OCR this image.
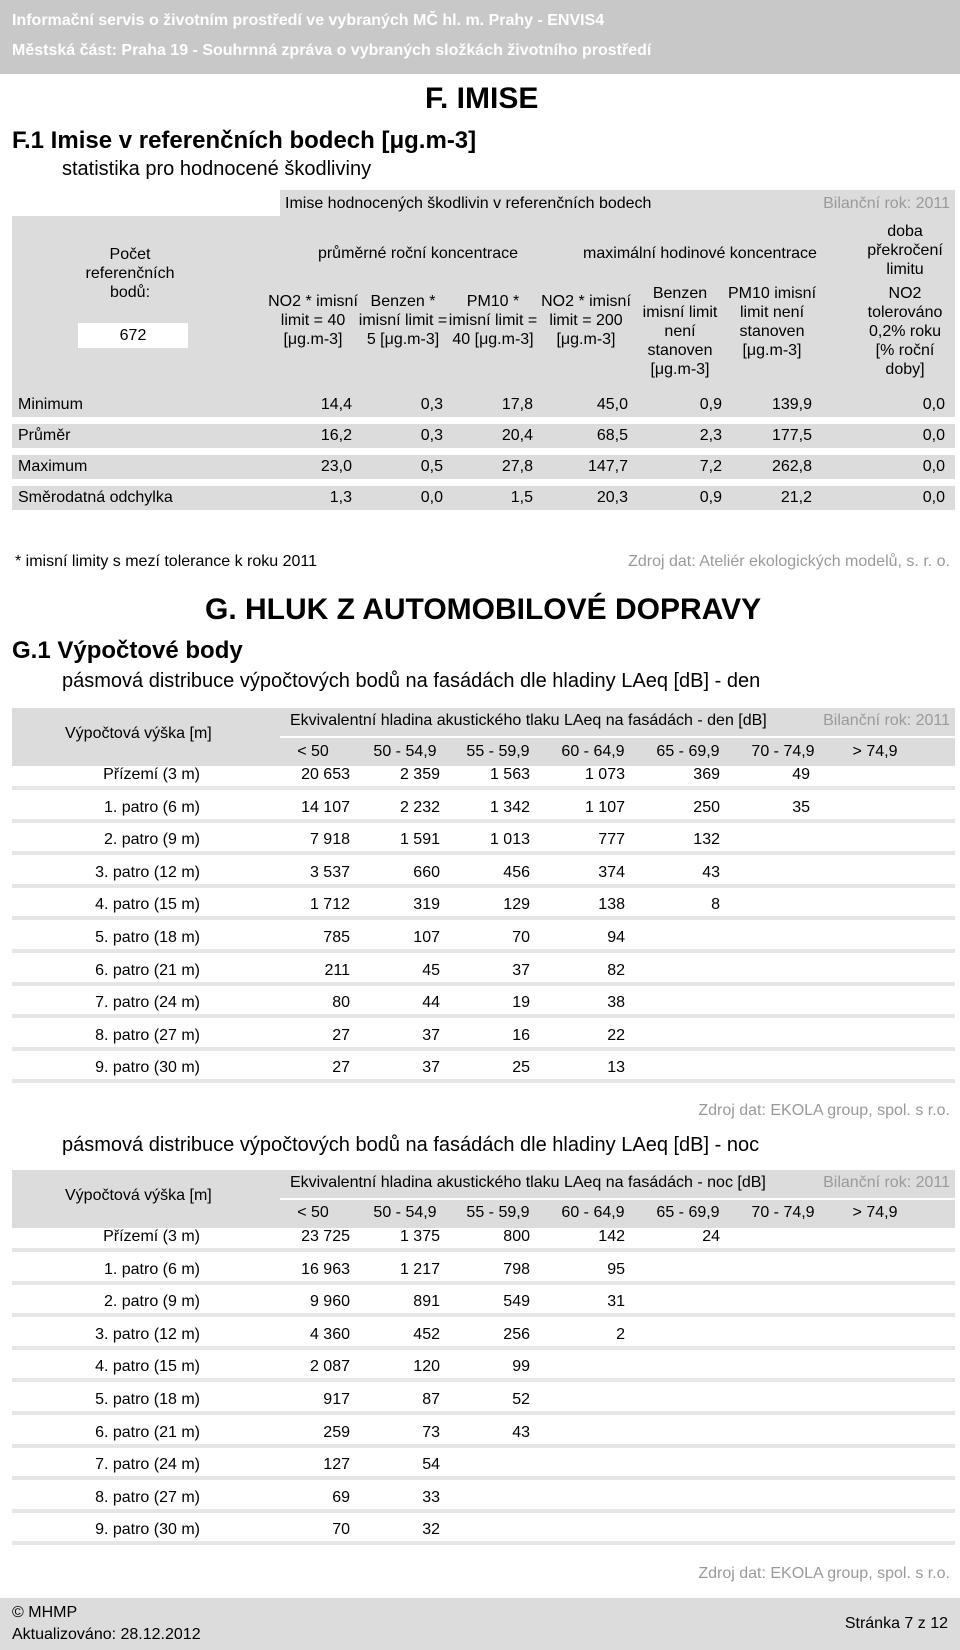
Informační servis o životním prostředí ve vybraných MČ hl. m. Prahy - ENVIS4
Městská část: Praha 19 - Souhrnná zpráva o vybraných složkách životního prostředí
F. IMISE
F.1 Imise v referenčních bodech [μg.m-3]
statistika pro hodnocené škodliviny
Imise hodnocených škodlivin v referenčních bodech	Bilanční rok: 2011
Počet referenčních bodů:
672
průměrné roční koncentrace	maximální hodinové koncentrace
doba překročení limitu
NO2 * imisní limit = 40 [μg.m-3]
Benzen * imisní limit = 5 [μg.m-3]
PM10 * imisní limit = 40 [μg.m-3]
NO2 * imisní limit = 200 [μg.m-3]
Benzen imisní limit není stanoven [μg.m-3]
PM10 imisní limit není stanoven [μg.m-3]
NO2 tolerováno 0,2% roku [% roční doby]
Minimum	14,4	0,3	17,8	45,0	0,9	139,9	0,0
Průměr	16,2	0,3	20,4	68,5	2,3	177,5	0,0
Maximum	23,0	0,5	27,8	147,7	7,2	262,8	0,0
Směrodatná odchylka	1,3	0,0	1,5	20,3	0,9	21,2	0,0
* imisní limity s mezí tolerance k roku 2011	Zdroj dat: Ateliér ekologických modelů, s. r. o.
G. HLUK Z AUTOMOBILOVÉ DOPRAVY
G.1 Výpočtové body
pásmová distribuce výpočtových bodů na fasádách dle hladiny LAeq [dB] - den
Výpočtová výška [m]
Ekvivalentní hladina akustického tlaku LAeq na fasádách - den [dB]	Bilanční rok: 2011
< 50	50 - 54,9	55 - 59,9	60 - 64,9	65 - 69,9	70 - 74,9	> 74,9
Přízemí (3 m)	20 653	2 359	1 563	1 073	369	49
1. patro (6 m)	14 107	2 232	1 342	1 107	250	35
2. patro (9 m)	7 918	1 591	1 013	777	132
3. patro (12 m)	3 537	660	456	374	43
4. patro (15 m)	1 712	319	129	138	8
5. patro (18 m)	785	107	70	94
6. patro (21 m)	211	45	37	82
7. patro (24 m)	80	44	19	38
8. patro (27 m)	27	37	16	22
9. patro (30 m)	27	37	25	13
Zdroj dat: EKOLA group, spol. s r.o.
pásmová distribuce výpočtových bodů na fasádách dle hladiny LAeq [dB] - noc
Výpočtová výška [m]
Ekvivalentní hladina akustického tlaku LAeq na fasádách - noc [dB]	Bilanční rok: 2011
< 50	50 - 54,9	55 - 59,9	60 - 64,9	65 - 69,9	70 - 74,9	> 74,9
Přízemí (3 m)	23 725	1 375	800	142	24
1. patro (6 m)	16 963	1 217	798	95
2. patro (9 m)	9 960	891	549	31
3. patro (12 m)	4 360	452	256	2
4. patro (15 m)	2 087	120	99
5. patro (18 m)	917	87	52
6. patro (21 m)	259	73	43
7. patro (24 m)	127	54
8. patro (27 m)	69	33
9. patro (30 m)	70	32
Zdroj dat: EKOLA group, spol. s r.o.
© MHMP
Aktualizováno: 28.12.2012
Stránka 7 z 12
